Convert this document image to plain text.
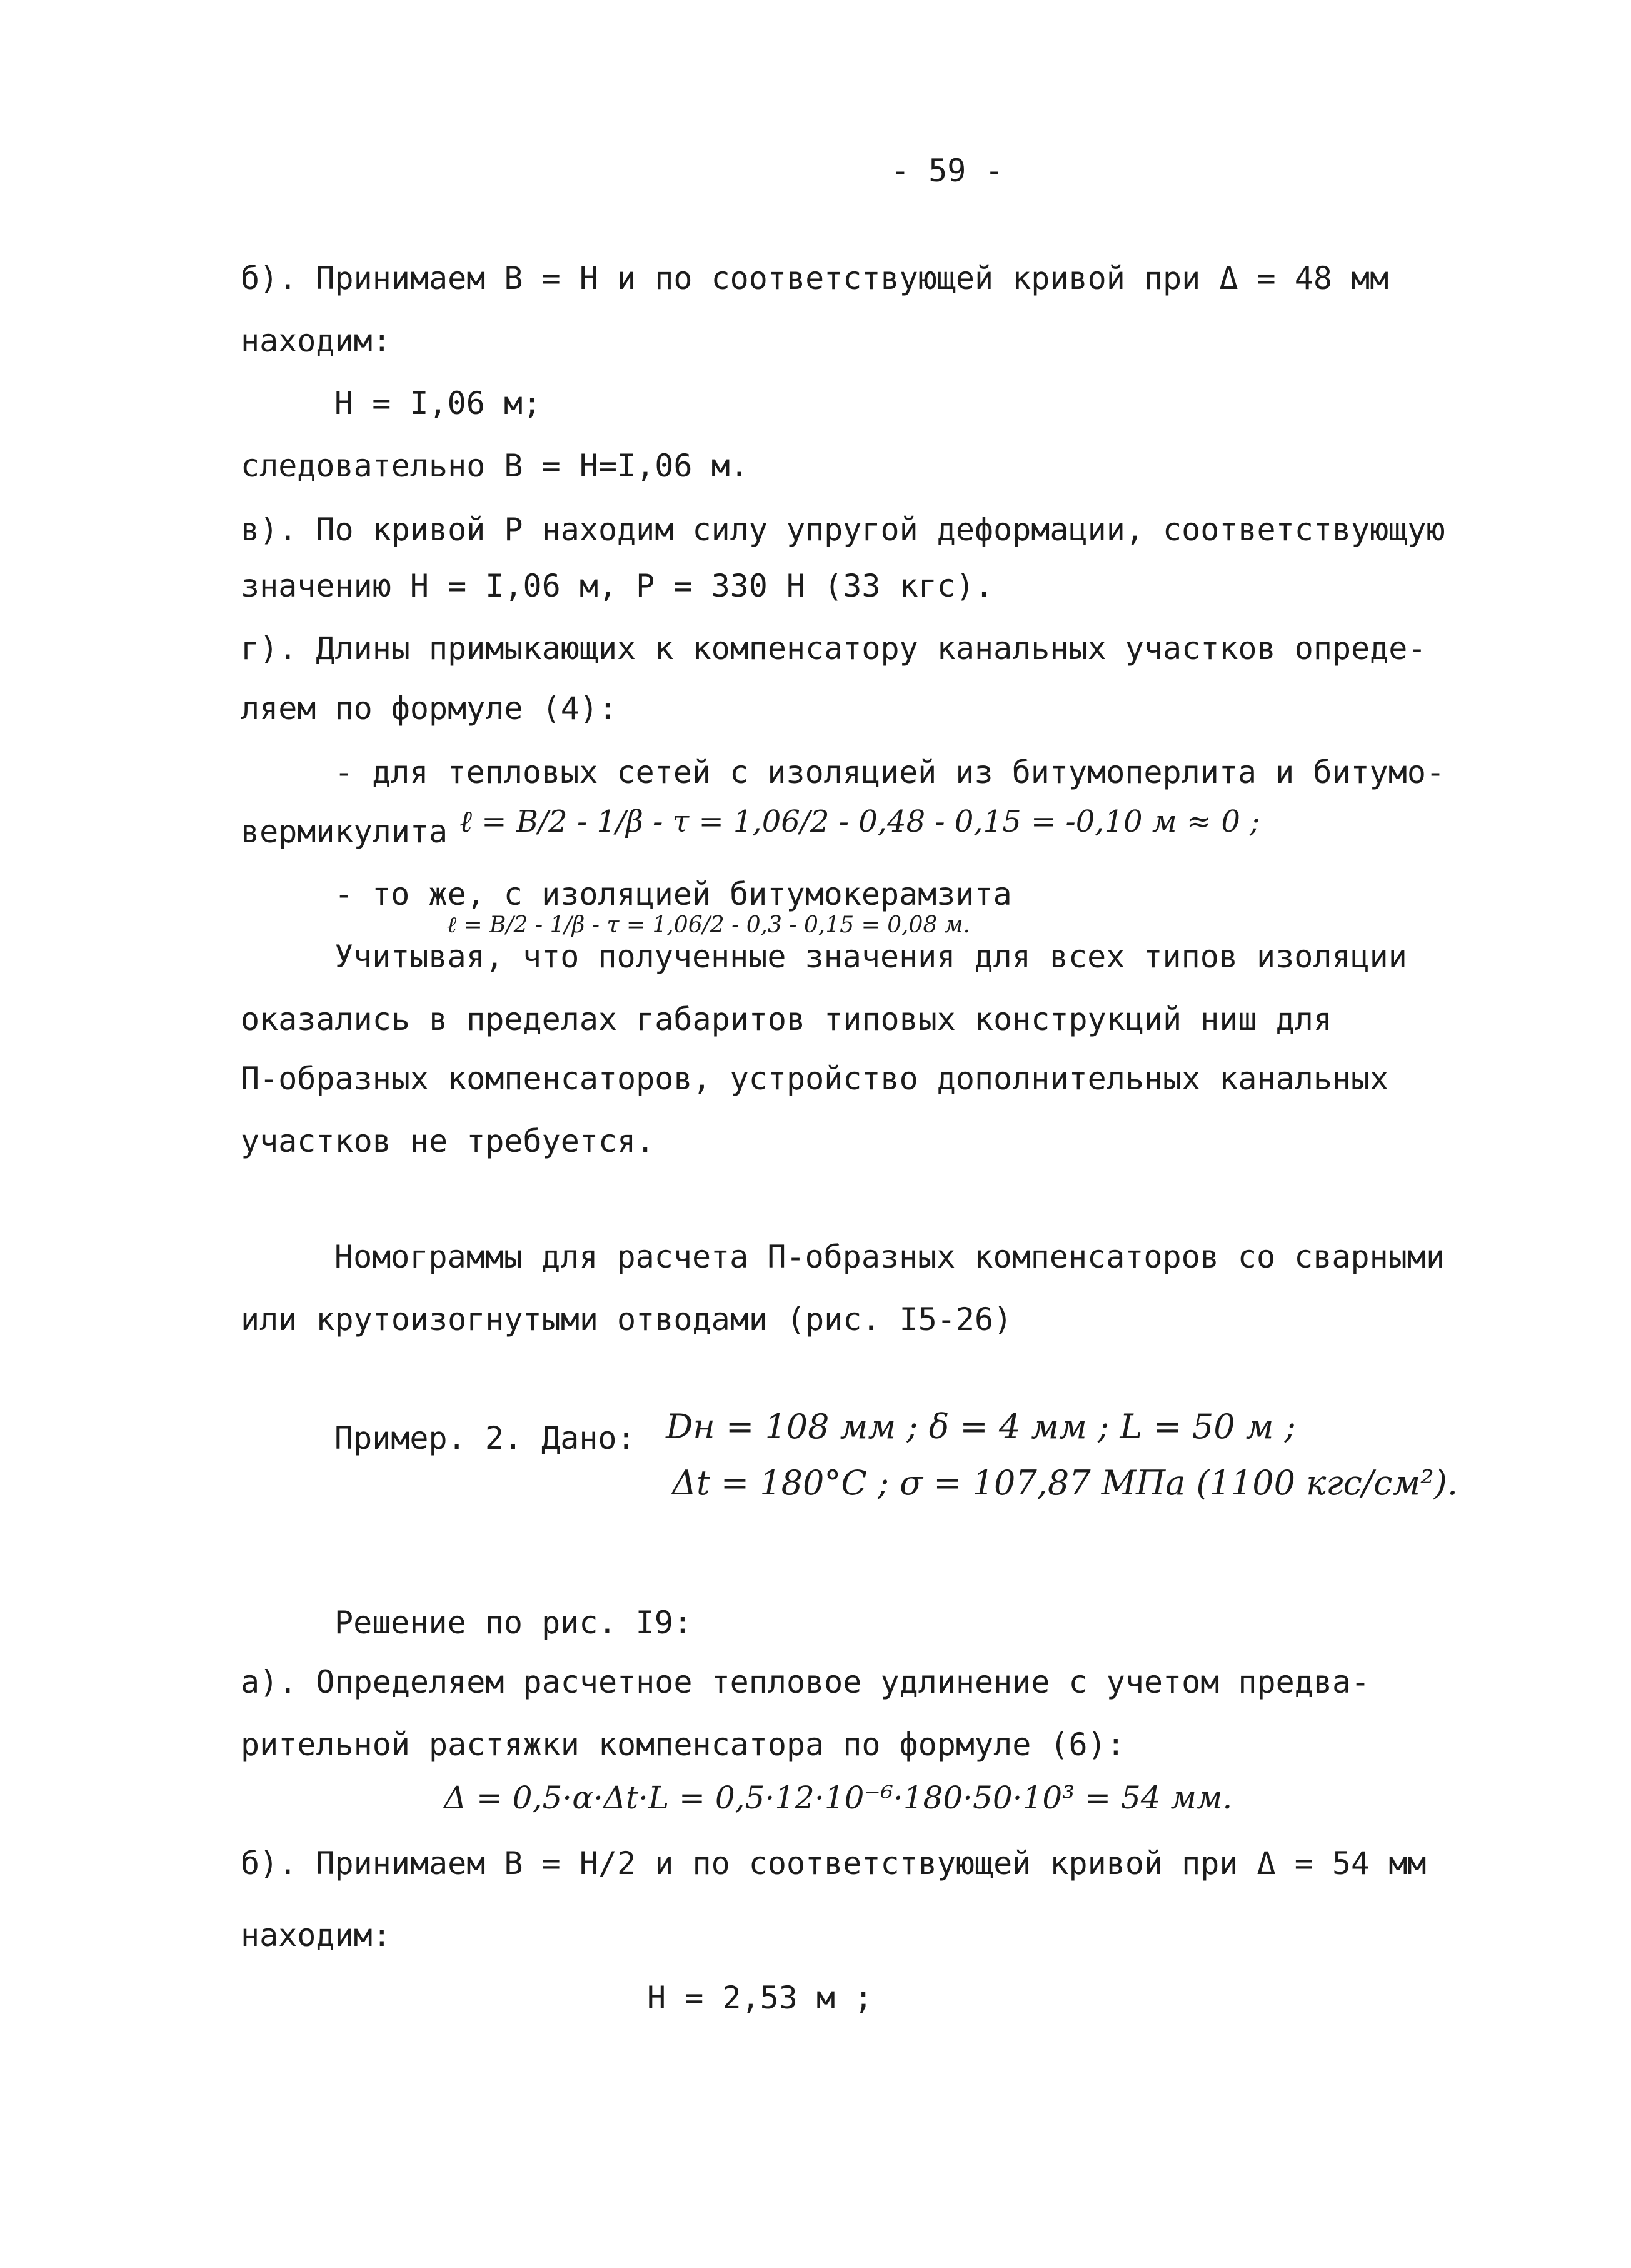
- 59 -
б). Принимаем В = Н и по соответствующей кривой при Δ = 48 мм
находим:
Н = I,06 м;
следовательно В = Н=I,06 м.
в). По кривой Р находим силу упругой деформации, соответствующую
значению Н = I,06 м, Р = 330 Н (33 кгс).
г). Длины примыкающих к компенсатору канальных участков опреде-
ляем по формуле (4):
- для тепловых сетей с изоляцией из битумоперлита и битумо-
вермикулита ℓ = В/2 - 1/β - τ = 1,06/2 - 0,48 - 0,15 = -0,10 м ≈ 0 ;
- то же, с изоляцией битумокерамзита
ℓ = В/2 - 1/β - τ = 1,06/2 - 0,3 - 0,15 = 0,08 м.
Учитывая, что полученные значения для всех типов изоляции
оказались в пределах габаритов типовых конструкций ниш для
П-образных компенсаторов, устройство дополнительных канальных
участков не требуется.
Номограммы для расчета П-образных компенсаторов со сварными
или крутоизогнутыми отводами (рис. I5-26)
Пример. 2. Дано: Dн = 108 мм ; δ = 4 мм ; L = 50 м ;
Δt = 180°С ; σ = 107,87 МПа (1100 кгс/см²).
Решение по рис. I9:
а). Определяем расчетное тепловое удлинение с учетом предва-
рительной растяжки компенсатора по формуле (6):
Δ = 0,5·α·Δt·L = 0,5·12·10⁻⁶·180·50·10³ = 54 мм.
б). Принимаем В = Н/2 и по соответствующей кривой при Δ = 54 мм
находим:
Н = 2,53 м ;
